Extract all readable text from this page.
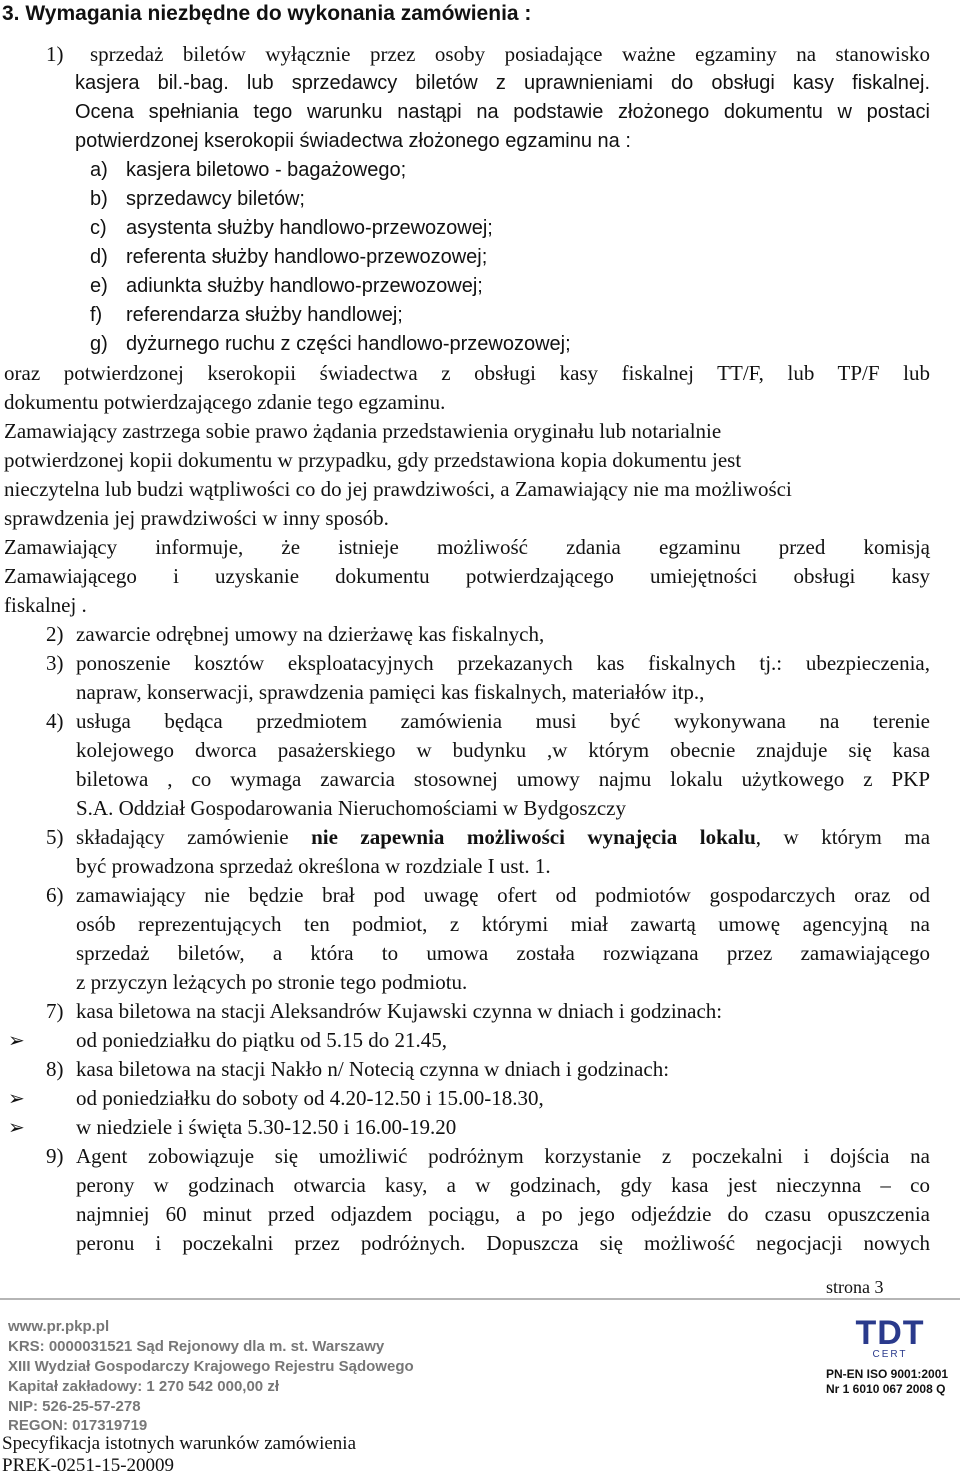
3. Wymagania niezbędne do wykonania zamówienia :
1) sprzedaż biletów wyłącznie przez osoby posiadające ważne egzaminy na stanowisko
kasjera bil.-bag. lub sprzedawcy biletów z uprawnieniami do obsługi kasy fiskalnej.
Ocena spełniania tego warunku nastąpi na podstawie złożonego dokumentu w postaci
potwierdzonej kserokopii świadectwa złożonego egzaminu na :
a) kasjera biletowo - bagażowego;
b) sprzedawcy biletów;
c) asystenta służby handlowo-przewozowej;
d) referenta służby handlowo-przewozowej;
e) adiunkta służby handlowo-przewozowej;
f) referendarza służby handlowej;
g) dyżurnego ruchu z części handlowo-przewozowej;
oraz potwierdzonej kserokopii świadectwa z obsługi kasy fiskalnej TT/F, lub TP/F lub
dokumentu potwierdzającego zdanie tego egzaminu.
Zamawiający zastrzega sobie prawo żądania przedstawienia oryginału lub notarialnie
potwierdzonej kopii dokumentu w przypadku, gdy przedstawiona kopia dokumentu jest
nieczytelna lub budzi wątpliwości co do jej prawdziwości, a Zamawiający nie ma możliwości
sprawdzenia jej prawdziwości w inny sposób.
Zamawiający informuje, że istnieje możliwość zdania egzaminu przed komisją
Zamawiającego i uzyskanie dokumentu potwierdzającego umiejętności obsługi kasy
fiskalnej .
2) zawarcie odrębnej umowy na dzierżawę kas fiskalnych,
3) ponoszenie kosztów eksploatacyjnych przekazanych kas fiskalnych tj.: ubezpieczenia,
napraw, konserwacji, sprawdzenia pamięci kas fiskalnych, materiałów itp.,
4) usługa będąca przedmiotem zamówienia musi być wykonywana na terenie
kolejowego dworca pasażerskiego w budynku ,w którym obecnie znajduje się kasa
biletowa , co wymaga zawarcia stosownej umowy najmu lokalu użytkowego z PKP
S.A. Oddział Gospodarowania Nieruchomościami w Bydgoszczy
5) składający zamówienie nie zapewnia możliwości wynajęcia lokalu, w którym ma
być prowadzona sprzedaż określona w rozdziale I ust. 1.
6) zamawiający nie będzie brał pod uwagę ofert od podmiotów gospodarczych oraz od
osób reprezentujących ten podmiot, z którymi miał zawartą umowę agencyjną na
sprzedaż biletów, a która to umowa została rozwiązana przez zamawiającego
z przyczyn leżących po stronie tego podmiotu.
7) kasa biletowa na stacji Aleksandrów Kujawski czynna w dniach i godzinach:
➢ od poniedziałku do piątku od 5.15 do 21.45,
8) kasa biletowa na stacji Nakło n/ Notecią czynna w dniach i godzinach:
➢ od poniedziałku do soboty od 4.20-12.50 i 15.00-18.30,
➢ w niedziele i święta 5.30-12.50 i 16.00-19.20
9) Agent zobowiązuje się umożliwić podróżnym korzystanie z poczekalni i dojścia na
perony w godzinach otwarcia kasy, a w godzinach, gdy kasa jest nieczynna – co
najmniej 60 minut przed odjazdem pociągu, a po jego odjeździe do czasu opuszczenia
peronu i poczekalni przez podróżnych. Dopuszcza się możliwość negocjacji nowych
strona 3
www.pr.pkp.pl
KRS: 0000031521 Sąd Rejonowy dla m. st. Warszawy
XIII Wydział Gospodarczy Krajowego Rejestru Sądowego
Kapitał zakładowy: 1 270 542 000,00 zł
NIP: 526-25-57-278
REGON: 017319719
TDT
CERT
PN-EN ISO 9001:2001
Nr 1 6010 067 2008 Q
Specyfikacja istotnych warunków zamówienia
PREK-0251-15-20009
